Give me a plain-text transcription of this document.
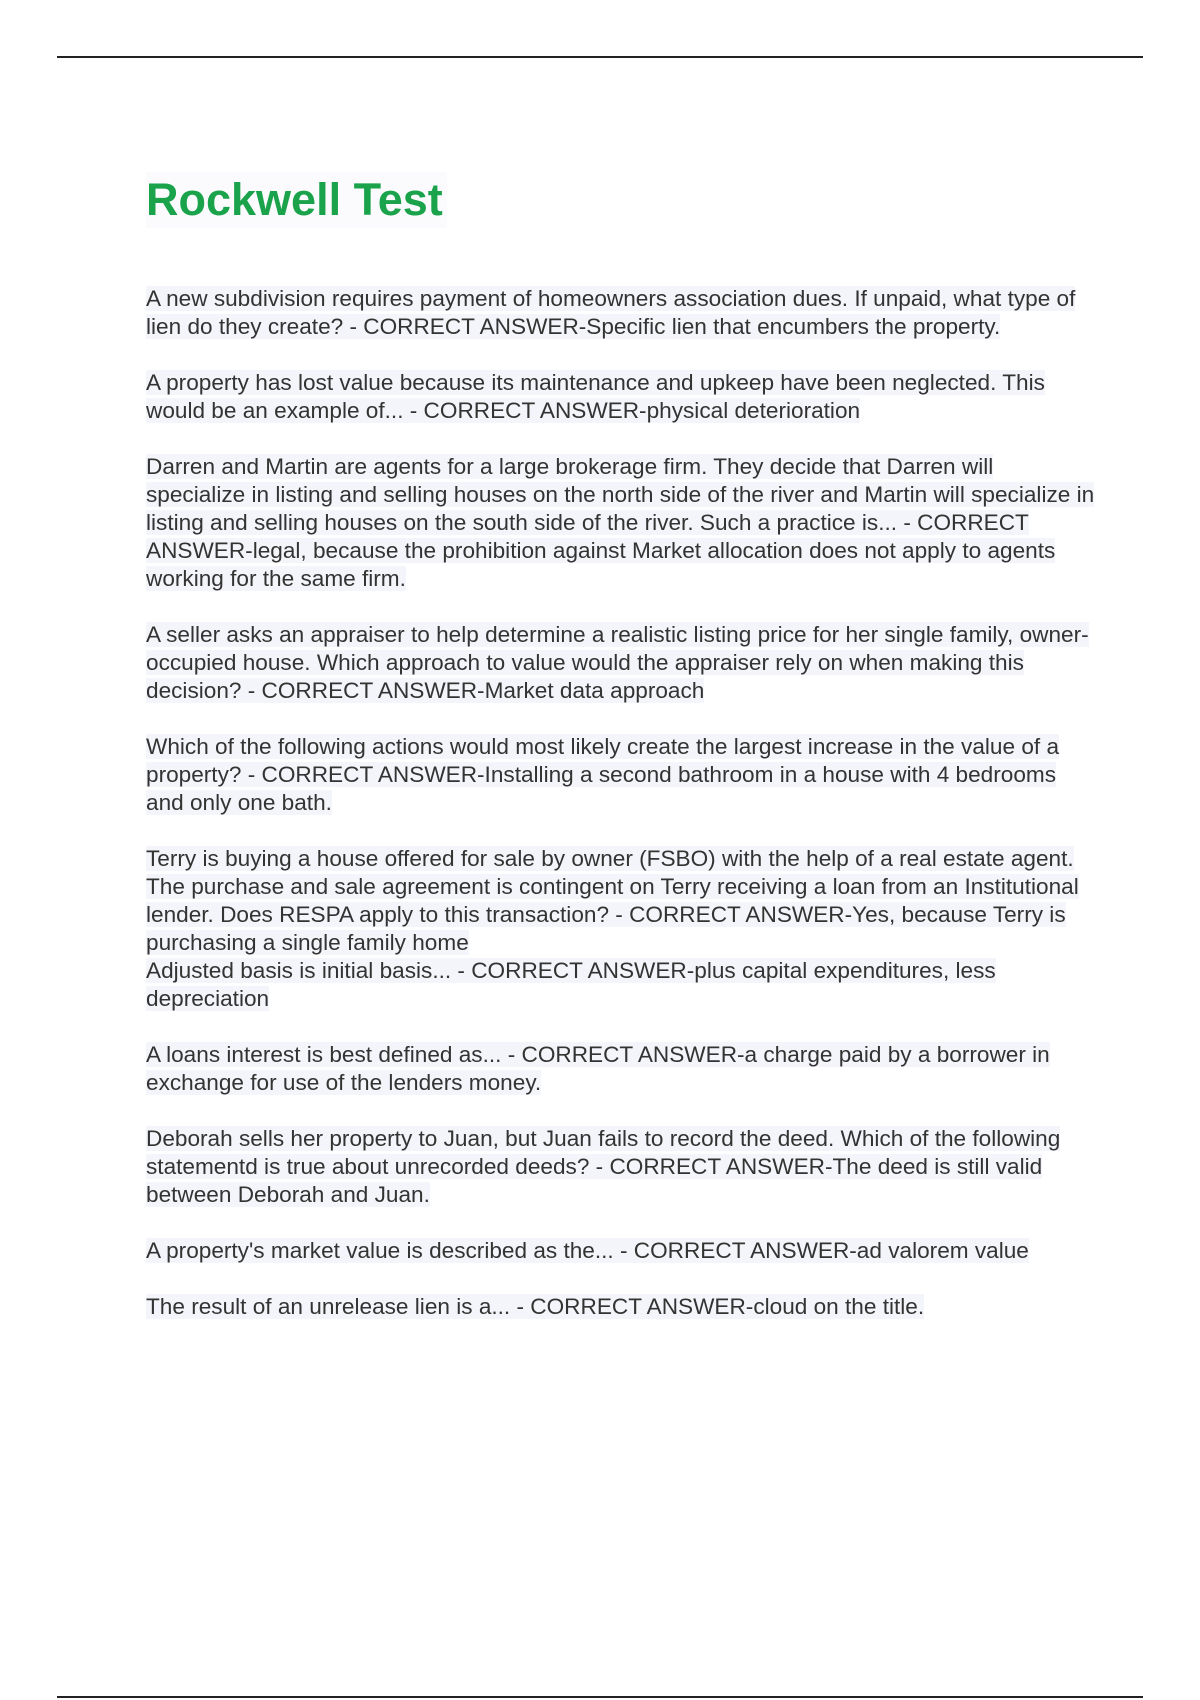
Rockwell Test

A new subdivision requires payment of homeowners association dues. If unpaid, what type of lien do they create? - CORRECT ANSWER-Specific lien that encumbers the property.

A property has lost value because its maintenance and upkeep have been neglected. This would be an example of... - CORRECT ANSWER-physical deterioration

Darren and Martin are agents for a large brokerage firm. They decide that Darren will specialize in listing and selling houses on the north side of the river and Martin will specialize in listing and selling houses on the south side of the river. Such a practice is... - CORRECT ANSWER-legal, because the prohibition against Market allocation does not apply to agents working for the same firm.

A seller asks an appraiser to help determine a realistic listing price for her single family, owner-occupied house. Which approach to value would the appraiser rely on when making this decision? - CORRECT ANSWER-Market data approach

Which of the following actions would most likely create the largest increase in the value of a property? - CORRECT ANSWER-Installing a second bathroom in a house with 4 bedrooms and only one bath.

Terry is buying a house offered for sale by owner (FSBO) with the help of a real estate agent. The purchase and sale agreement is contingent on Terry receiving a loan from an Institutional lender. Does RESPA apply to this transaction? - CORRECT ANSWER-Yes, because Terry is purchasing a single family home

Adjusted basis is initial basis... - CORRECT ANSWER-plus capital expenditures, less depreciation

A loans interest is best defined as... - CORRECT ANSWER-a charge paid by a borrower in exchange for use of the lenders money.

Deborah sells her property to Juan, but Juan fails to record the deed. Which of the following statementd is true about unrecorded deeds? - CORRECT ANSWER-The deed is still valid between Deborah and Juan.

A property's market value is described as the... - CORRECT ANSWER-ad valorem value

The result of an unrelease lien is a... - CORRECT ANSWER-cloud on the title.
